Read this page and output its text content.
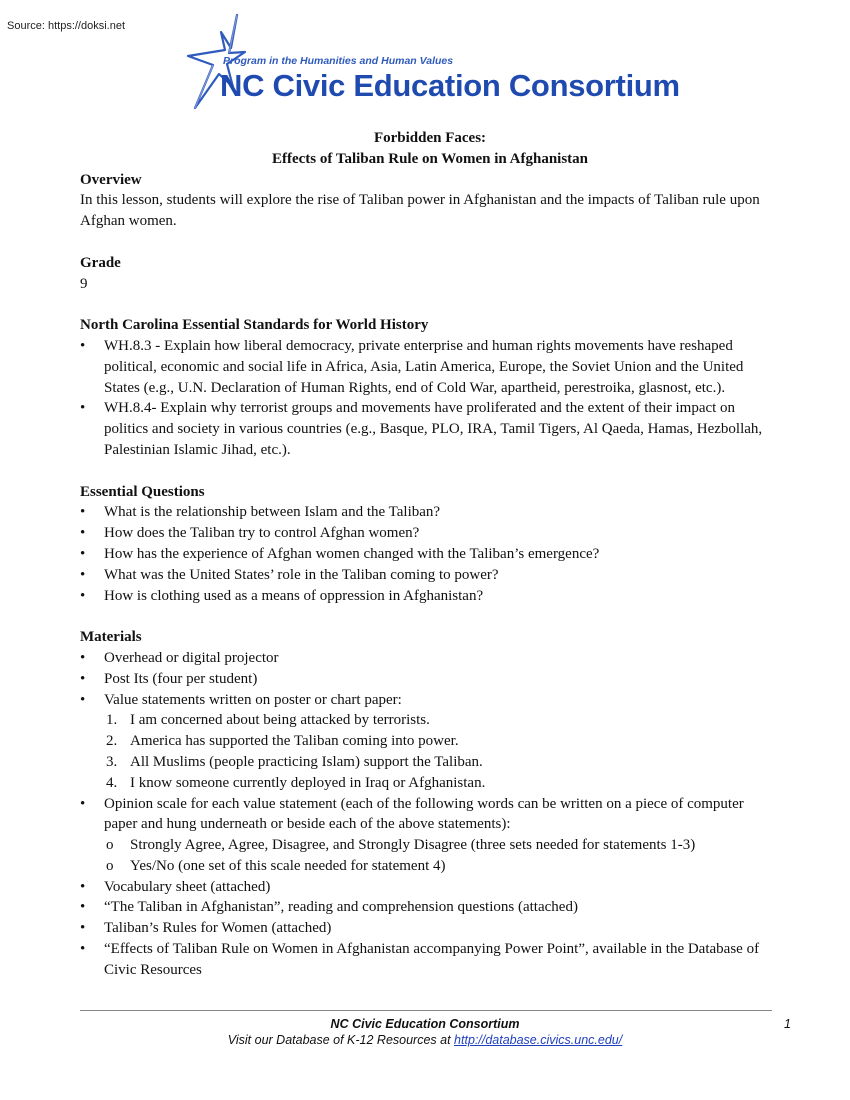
Source: https://doksi.net
Program in the Humanities and Human Values
NC Civic Education Consortium
Forbidden Faces:
Effects of Taliban Rule on Women in Afghanistan
Overview
In this lesson, students will explore the rise of Taliban power in Afghanistan and the impacts of Taliban rule upon Afghan women.
Grade
9
North Carolina Essential Standards for World History
• WH.8.3 - Explain how liberal democracy, private enterprise and human rights movements have reshaped political, economic and social life in Africa, Asia, Latin America, Europe, the Soviet Union and the United States (e.g., U.N. Declaration of Human Rights, end of Cold War, apartheid, perestroika, glasnost, etc.).
• WH.8.4- Explain why terrorist groups and movements have proliferated and the extent of their impact on politics and society in various countries (e.g., Basque, PLO, IRA, Tamil Tigers, Al Qaeda, Hamas, Hezbollah, Palestinian Islamic Jihad, etc.).
Essential Questions
• What is the relationship between Islam and the Taliban?
• How does the Taliban try to control Afghan women?
• How has the experience of Afghan women changed with the Taliban’s emergence?
• What was the United States’ role in the Taliban coming to power?
• How is clothing used as a means of oppression in Afghanistan?
Materials
• Overhead or digital projector
• Post Its (four per student)
• Value statements written on poster or chart paper:
1. I am concerned about being attacked by terrorists.
2. America has supported the Taliban coming into power.
3. All Muslims (people practicing Islam) support the Taliban.
4. I know someone currently deployed in Iraq or Afghanistan.
• Opinion scale for each value statement (each of the following words can be written on a piece of computer paper and hung underneath or beside each of the above statements):
o Strongly Agree, Agree, Disagree, and Strongly Disagree (three sets needed for statements 1-3)
o Yes/No (one set of this scale needed for statement 4)
• Vocabulary sheet (attached)
• “The Taliban in Afghanistan”, reading and comprehension questions (attached)
• Taliban’s Rules for Women (attached)
• “Effects of Taliban Rule on Women in Afghanistan accompanying Power Point”, available in the Database of Civic Resources
NC Civic Education Consortium	1
Visit our Database of K-12 Resources at http://database.civics.unc.edu/
